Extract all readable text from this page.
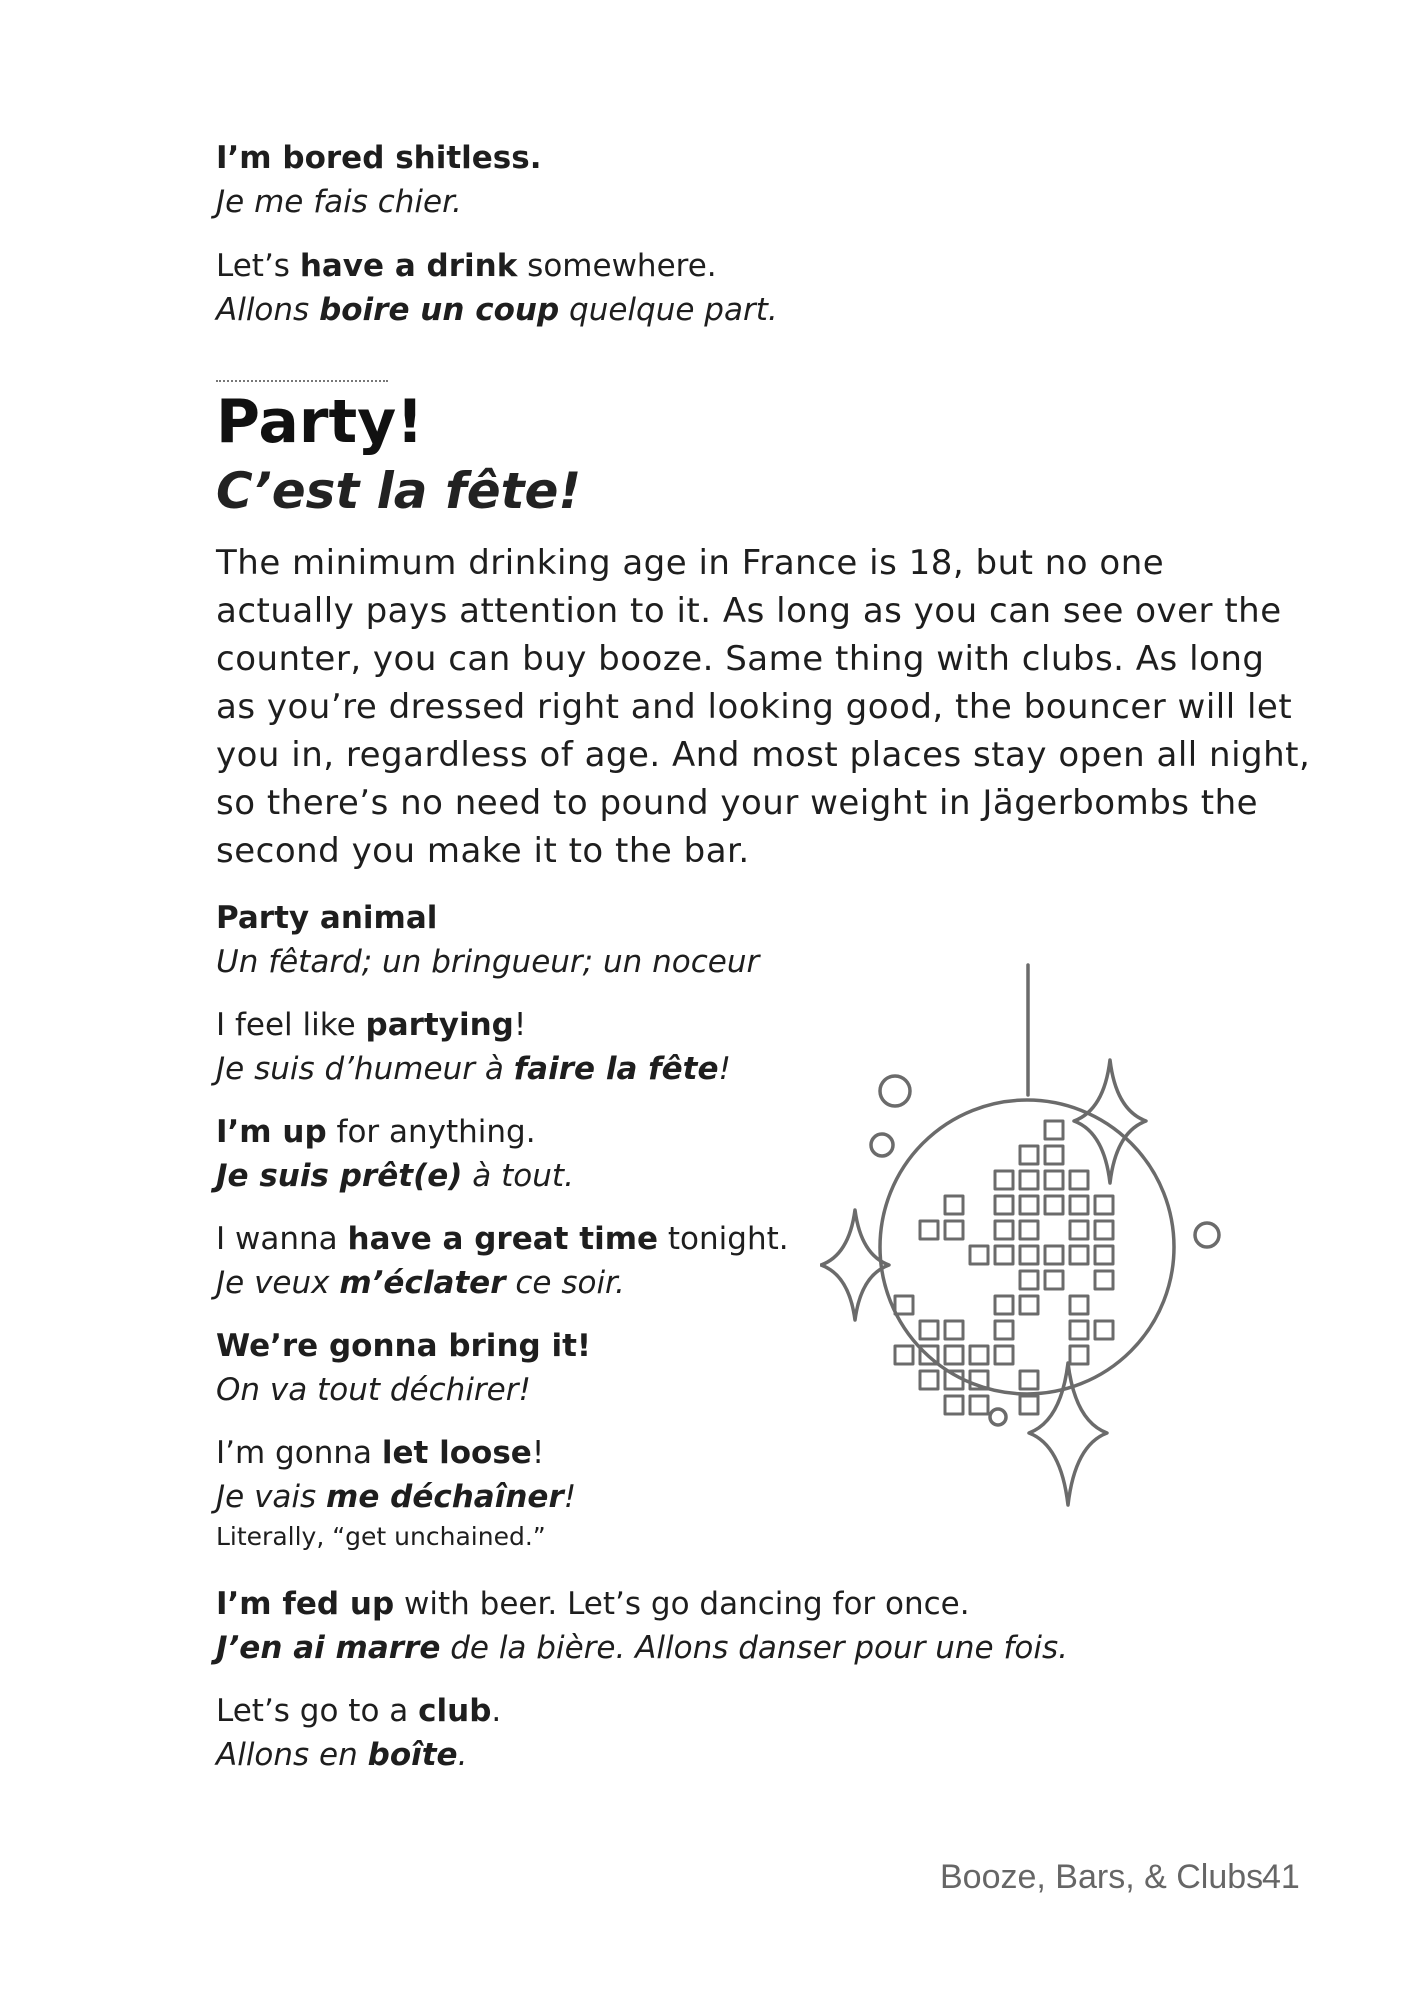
I’m bored shitless.
Je me fais chier.
Let’s have a drink somewhere.
Allons boire un coup quelque part.
Party!
C’est la fête!

The minimum drinking age in France is 18, but no one actually pays attention to it. As long as you can see over the counter, you can buy booze. Same thing with clubs. As long as you’re dressed right and looking good, the bouncer will let you in, regardless of age. And most places stay open all night, so there’s no need to pound your weight in Jägerbombs the second you make it to the bar.

Party animal
Un fêtard; un bringueur; un noceur
I feel like partying!
Je suis d’humeur à faire la fête!
I’m up for anything.
Je suis prêt(e) à tout.
I wanna have a great time tonight.
Je veux m’éclater ce soir.
We’re gonna bring it!
On va tout déchirer!
I’m gonna let loose!
Je vais me déchaîner!
Literally, “get unchained.”
I’m fed up with beer. Let’s go dancing for once.
J’en ai marre de la bière. Allons danser pour une fois.
Let’s go to a club.
Allons en boîte.

Booze, Bars, & Clubs

41
